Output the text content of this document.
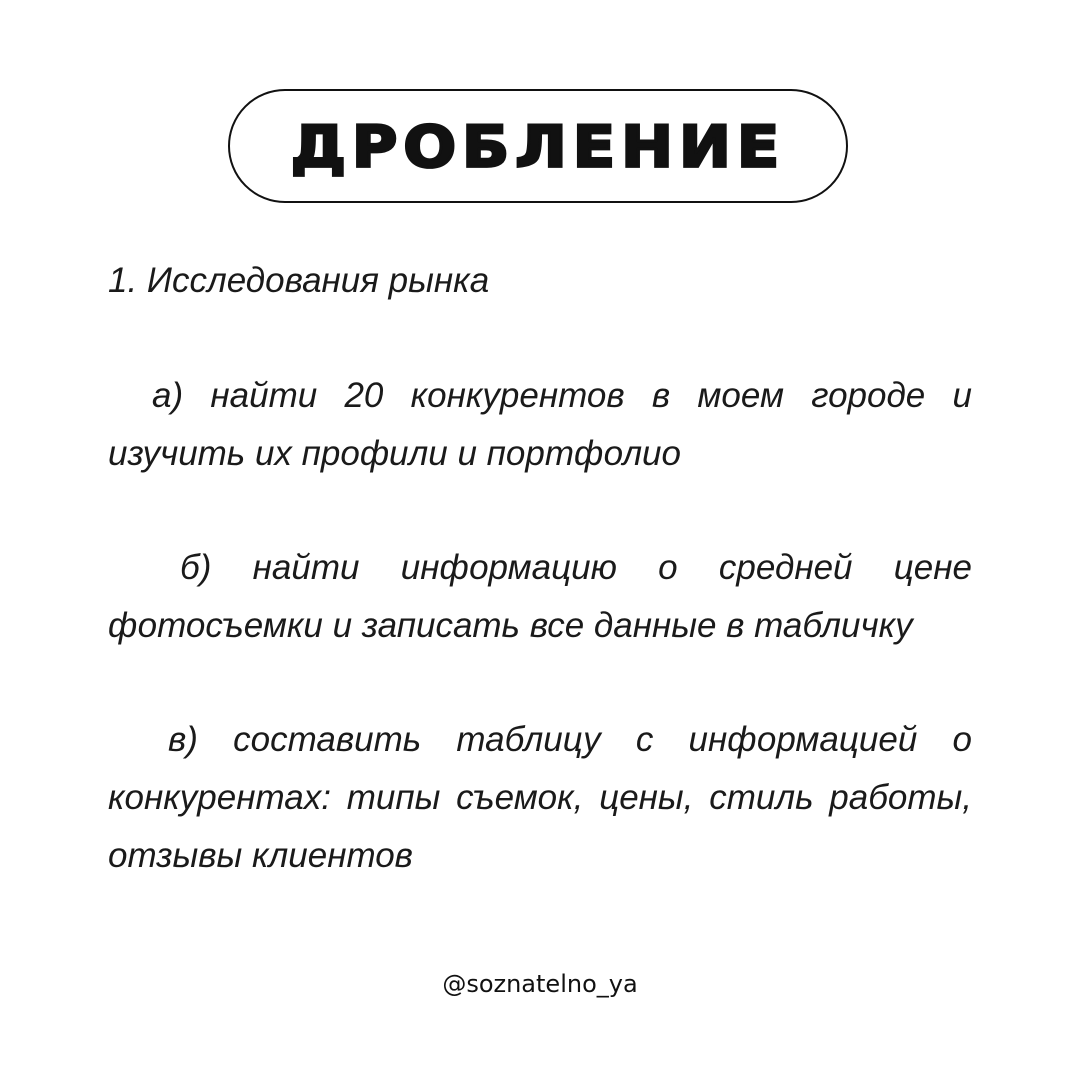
ДРОБЛЕНИЕ
1. Исследования рынка
а) найти 20 конкурентов в моем городе и изучить их профили и портфолио
б) найти информацию о средней цене фотосъемки и записать все данные в табличку
в) составить таблицу с информацией о конкурентах: типы съемок, цены, стиль работы, отзывы клиентов
@soznatelno_ya
